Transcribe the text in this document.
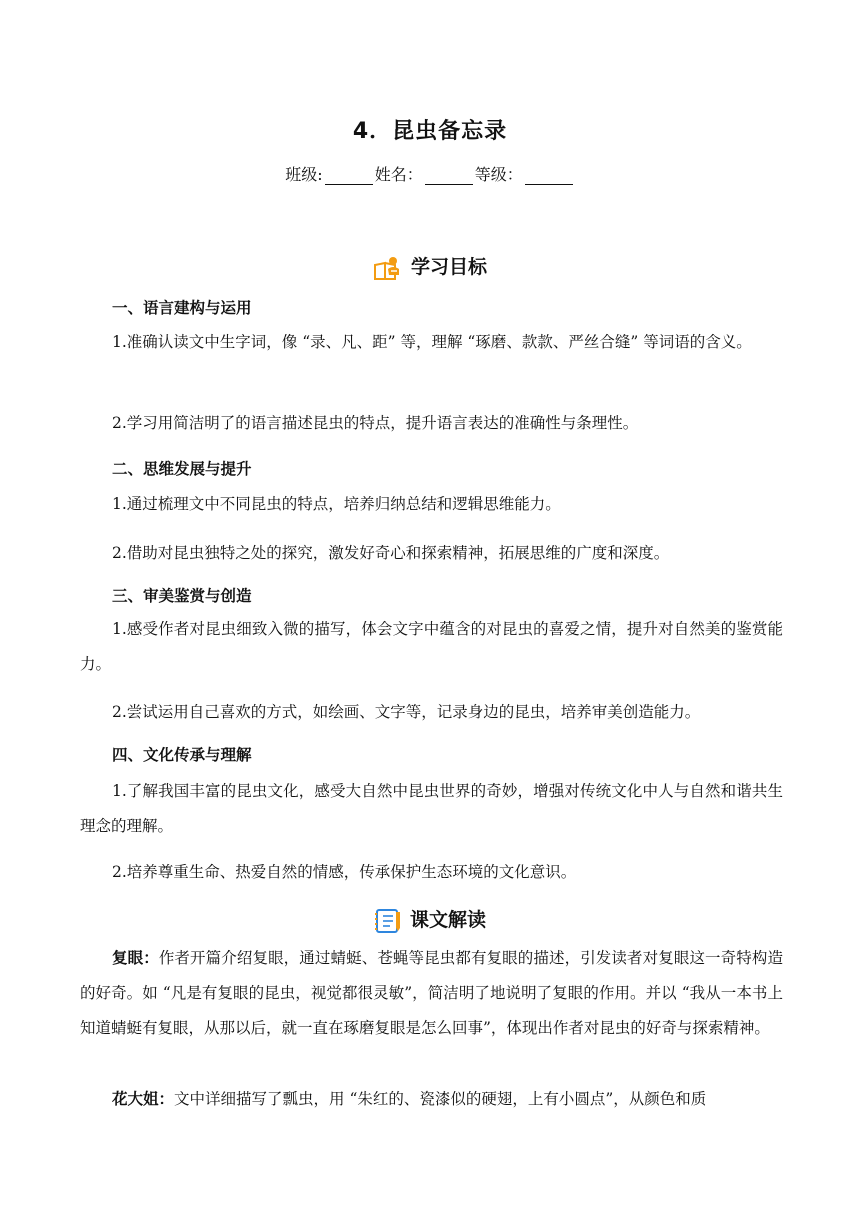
4．昆虫备忘录
班级:	姓名：	等级：
学习目标
一、语言建构与运用
1.准确认读文中生字词，像 “录、凡、距” 等，理解 “琢磨、款款、严丝合缝” 等词语的含义。
2.学习用简洁明了的语言描述昆虫的特点，提升语言表达的准确性与条理性。
二、思维发展与提升
1.通过梳理文中不同昆虫的特点，培养归纳总结和逻辑思维能力。
2.借助对昆虫独特之处的探究，激发好奇心和探索精神，拓展思维的广度和深度。
三、审美鉴赏与创造
1.感受作者对昆虫细致入微的描写，体会文字中蕴含的对昆虫的喜爱之情，提升对自然美的鉴赏能力。
2.尝试运用自己喜欢的方式，如绘画、文字等，记录身边的昆虫，培养审美创造能力。
四、文化传承与理解
1.了解我国丰富的昆虫文化，感受大自然中昆虫世界的奇妙，增强对传统文化中人与自然和谐共生理念的理解。
2.培养尊重生命、热爱自然的情感，传承保护生态环境的文化意识。
课文解读
复眼：作者开篇介绍复眼，通过蜻蜓、苍蝇等昆虫都有复眼的描述，引发读者对复眼这一奇特构造的好奇。如 “凡是有复眼的昆虫，视觉都很灵敏”，简洁明了地说明了复眼的作用。并以 “我从一本书上知道蜻蜓有复眼，从那以后，就一直在琢磨复眼是怎么回事”，体现出作者对昆虫的好奇与探索精神。
花大姐：文中详细描写了瓢虫，用 “朱红的、瓷漆似的硬翅，上有小圆点”，从颜色和质
